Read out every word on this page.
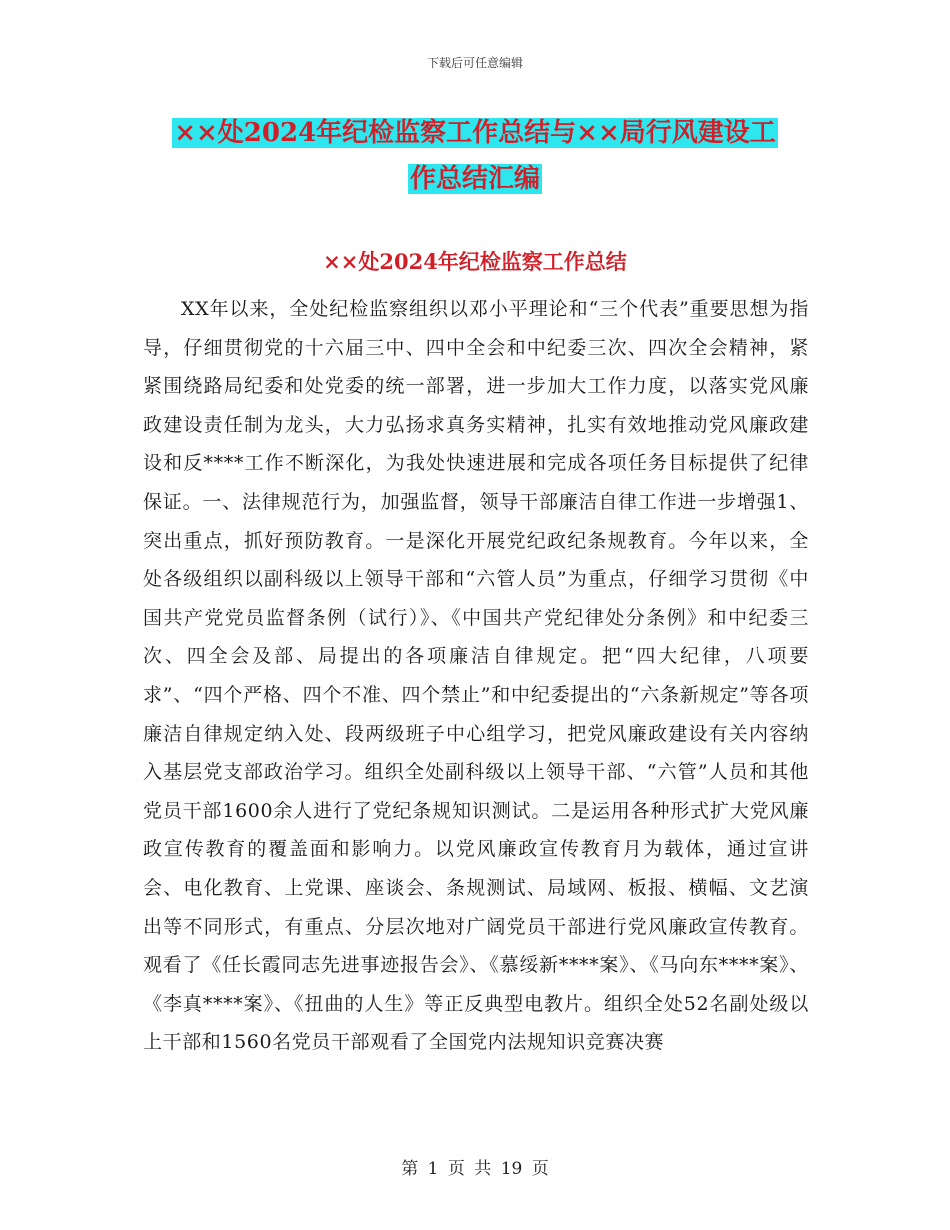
下载后可任意编辑
××处2024年纪检监察工作总结与××局行风建设工
作总结汇编
××处2024年纪检监察工作总结

XX年以来，全处纪检监察组织以邓小平理论和“三个代表”重要思想为指导，仔细贯彻党的十六届三中、四中全会和中纪委三次、四次全会精神，紧紧围绕路局纪委和处党委的统一部署，进一步加大工作力度，以落实党风廉政建设责任制为龙头，大力弘扬求真务实精神，扎实有效地推动党风廉政建设和反****工作不断深化，为我处快速进展和完成各项任务目标提供了纪律保证。一、法律规范行为，加强监督，领导干部廉洁自律工作进一步增强1、突出重点，抓好预防教育。一是深化开展党纪政纪条规教育。今年以来，全处各级组织以副科级以上领导干部和“六管人员”为重点，仔细学习贯彻《中国共产党党员监督条例（试行）》、《中国共产党纪律处分条例》和中纪委三次、四全会及部、局提出的各项廉洁自律规定。把“四大纪律，八项要求”、“四个严格、四个不准、四个禁止”和中纪委提出的“六条新规定”等各项廉洁自律规定纳入处、段两级班子中心组学习，把党风廉政建设有关内容纳入基层党支部政治学习。组织全处副科级以上领导干部、“六管”人员和其他党员干部1600余人进行了党纪条规知识测试。二是运用各种形式扩大党风廉政宣传教育的覆盖面和影响力。以党风廉政宣传教育月为载体，通过宣讲会、电化教育、上党课、座谈会、条规测试、局域网、板报、横幅、文艺演出等不同形式，有重点、分层次地对广阔党员干部进行党风廉政宣传教育。观看了《任长霞同志先进事迹报告会》、《慕绥新****案》、《马向东****案》、《李真****案》、《扭曲的人生》等正反典型电教片。组织全处52名副处级以上干部和1560名党员干部观看了全国党内法规知识竞赛决赛

第 1 页 共 19 页
